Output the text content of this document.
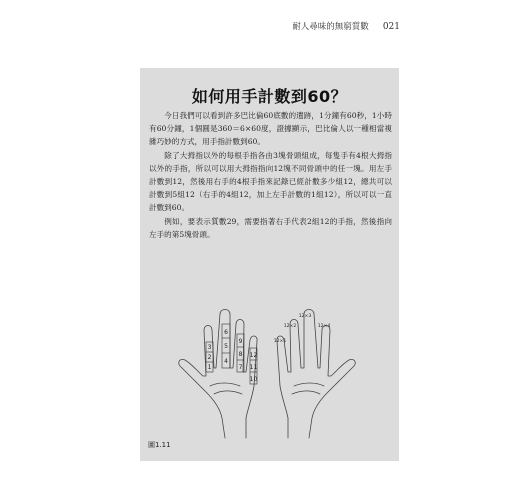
耐人尋味的無窮質數 021
如何用手計數到60？

今日我們可以看到許多巴比倫60底數的遺跡，1分鐘有60秒，1小時有60分鐘，1個圓是360＝6×60度，證據顯示，巴比倫人以一種相當複雜巧妙的方式，用手指計數到60。

除了大拇指以外的每根手指各由3塊骨頭組成，每隻手有4根大拇指以外的手指，所以可以用大拇指指向12塊不同骨頭中的任一塊。用左手計數到12，然後用右手的4根手指來記錄已經計數多少組12，總共可以計數到5組12（右手的4組12，加上左手計數的1組12），所以可以一直計數到60。

例如，要表示質數29，需要指著右手代表2組12的手指，然後指向左手的第5塊骨頭。

3
2
1
6
5
4
9
8
7
12
11
10
12×1
12×2
12×3
12×4
圖1.11
